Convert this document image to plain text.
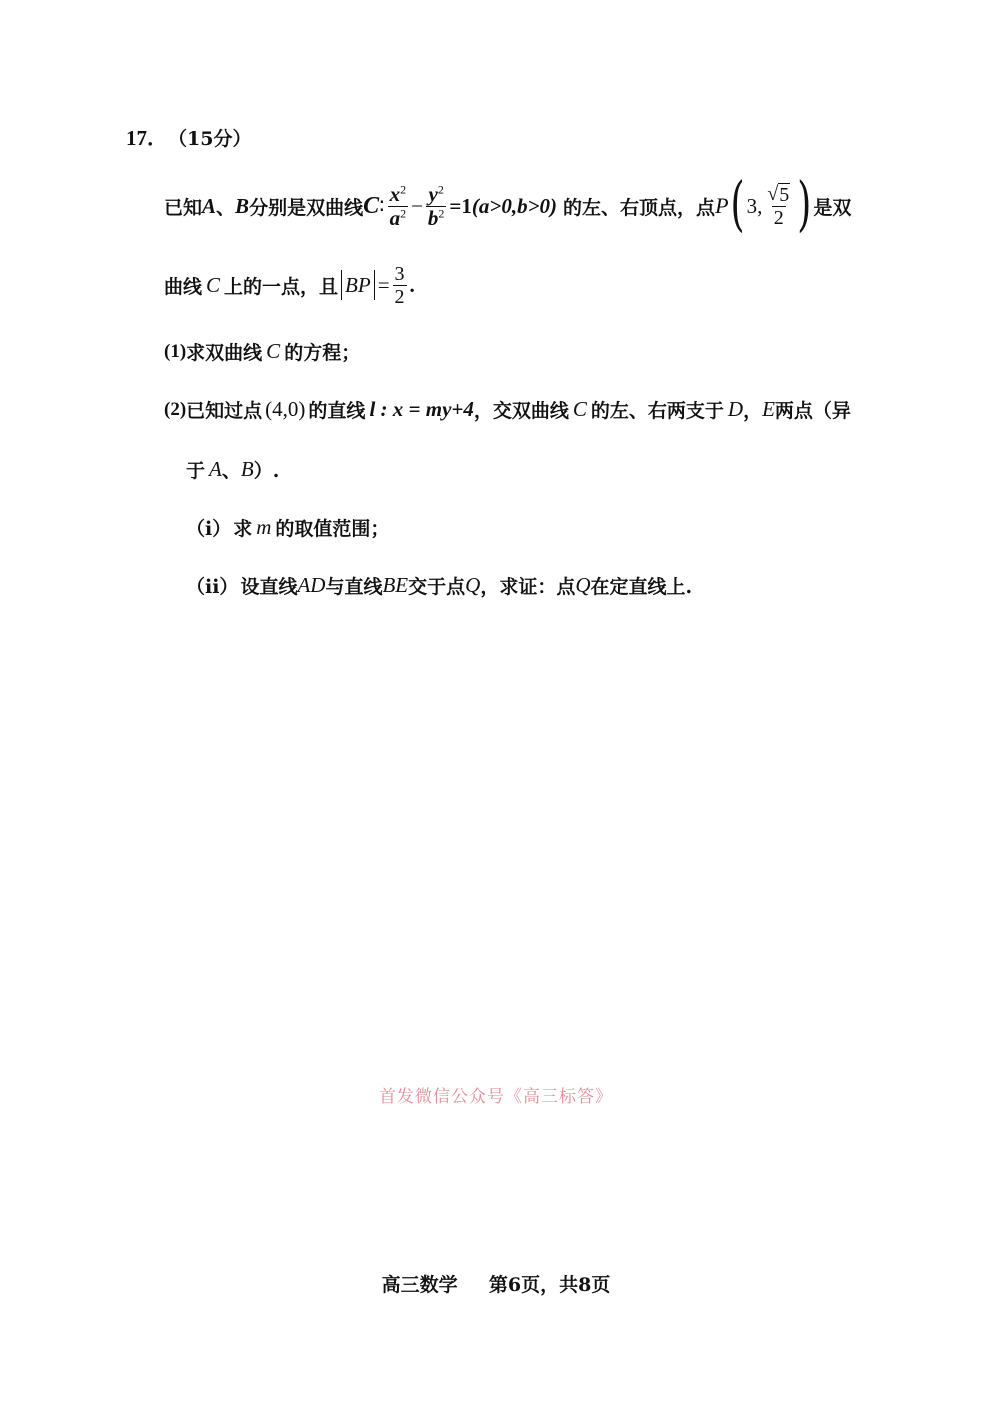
17． （15分）
已知 A 、 B 分别是双曲线 C ∶ $\frac{x^2}{a^2} - \frac{y^2}{b^2} =1$ (a>0,b>0) 的左、右顶点，点 P ( 3, $\frac{√ 5}{2}$ ) 是双
曲线 C 上的一点，且 BP = $\frac{3}{2}$ .
(1) 求双曲线 C 的方程；
(2) 已知过点 (4,0) 的直线 l : x = my+4 ，交双曲线 C 的左、右两支于 D ， E 两点（异
于 A 、 B ）.
（i） 求 m 的取值范围；
（ii） 设直线 AD 与直线 BE 交于点 Q ，求证：点 Q 在定直线上.
首发微信公众号《高三标答》
高三数学 第6页，共8页
